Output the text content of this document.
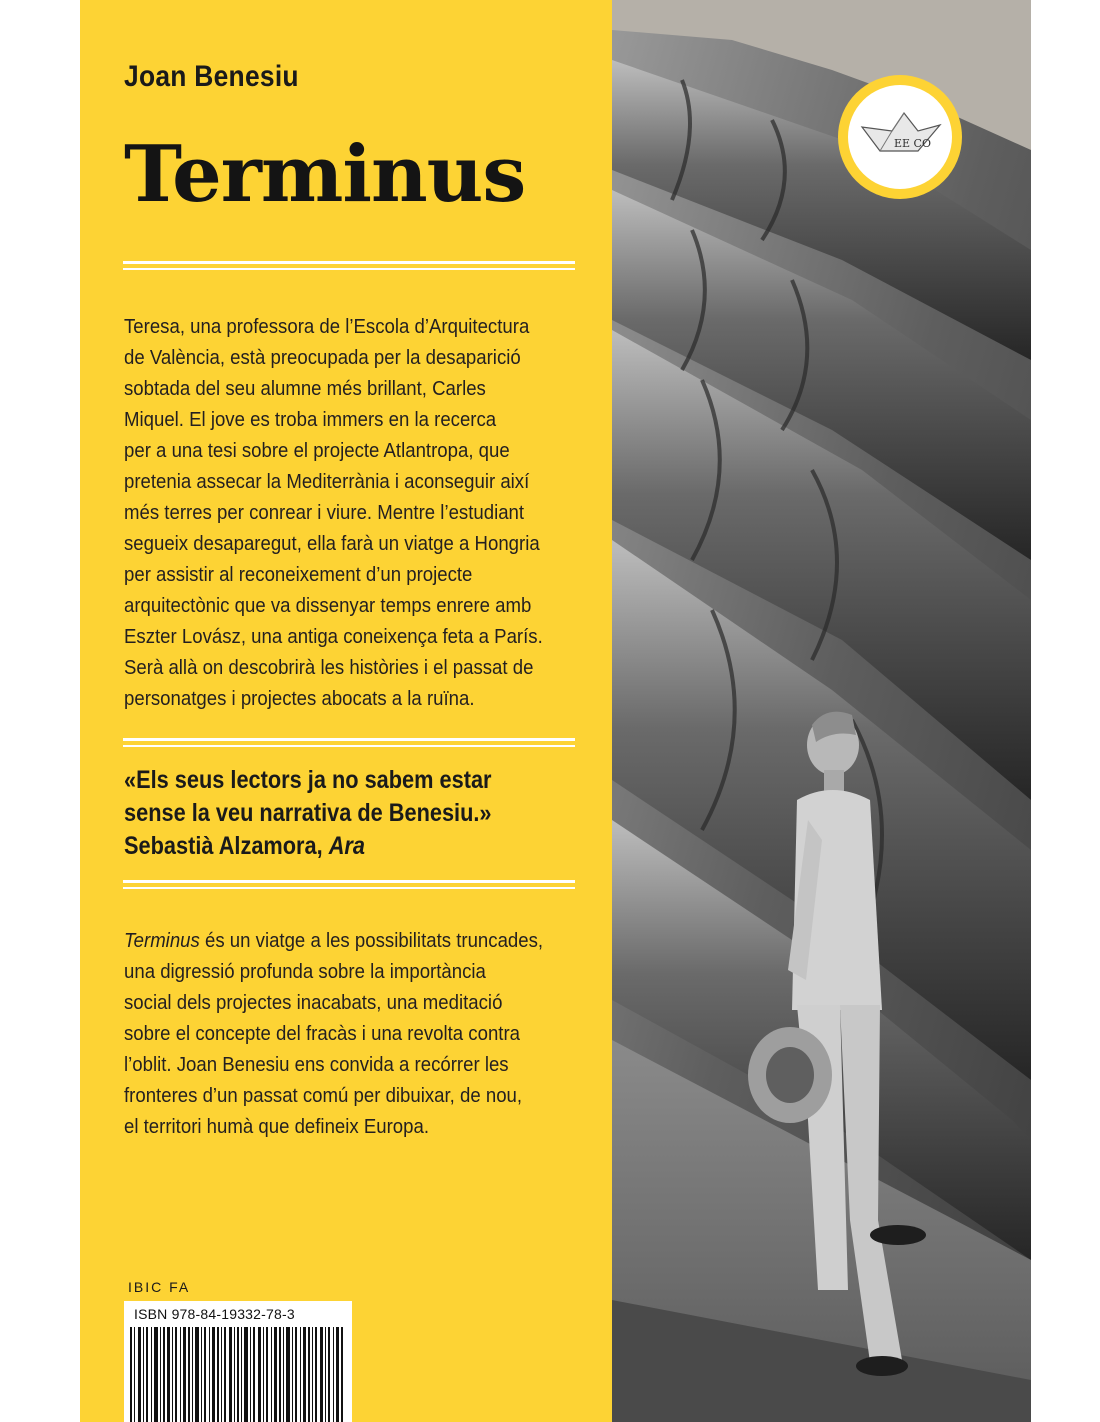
Joan Benesiu
Terminus
Teresa, una professora de l’Escola d’Arquitectura
de València, està preocupada per la desaparició
sobtada del seu alumne més brillant, Carles
Miquel. El jove es troba immers en la recerca
per a una tesi sobre el projecte Atlantropa, que
pretenia assecar la Mediterrània i aconseguir així
més terres per conrear i viure. Mentre l’estudiant
segueix desaparegut, ella farà un viatge a Hongria
per assistir al reconeixement d’un projecte
arquitectònic que va dissenyar temps enrere amb
Eszter Lovász, una antiga coneixença feta a París.
Serà allà on descobrirà les històries i el passat de
personatges i projectes abocats a la ruïna.
«Els seus lectors ja no sabem estar
sense la veu narrativa de Benesiu.»
Sebastià Alzamora, Ara
Terminus és un viatge a les possibilitats truncades,
una digressió profunda sobre la importància
social dels projectes inacabats, una meditació
sobre el concepte del fracàs i una revolta contra
l’oblit. Joan Benesiu ens convida a recórrer les
fronteres d’un passat comú per dibuixar, de nou,
el territori humà que defineix Europa.
IBIC FA
ISBN 978-84-19332-78-3
EE CO
